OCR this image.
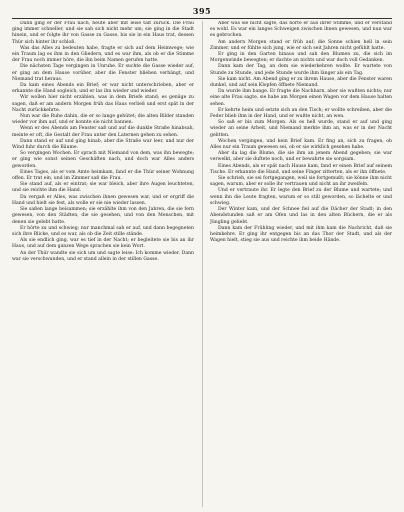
395

Dann ging er der Frau nach, heute aber mit leise talt zurück. Die Frau ging immer schneller, und sie sah sich nicht mehr um; sie ging in die Stadt hinein, und er folgte ihr von Gasse zu Gasse, bis sie in ein Haus trat, dessen Thür sich hinter ihr schloß.

Was das Alles zu bedeuten habe, fragte er sich auf dem Heimwege; wie ein Traum lag es ihm in den Gliedern, und es war ihm, als ob er die Stimme der Frau noch immer höre, die ihn beim Namen gerufen hatte.

Die nächsten Tage vergingen in Unruhe. Er suchte die Gasse wieder auf, er ging an dem Hause vorüber, aber die Fenster blieben verhängt, und Niemand trat heraus.

Da kam eines Abends ein Brief; er war nicht unterschrieben, aber er erkannte die Hand sogleich, und er las ihn wieder und wieder.

Wir wollen hier nicht erzählen, was in dem Briefe stand; es genüge zu sagen, daß er am andern Morgen früh das Haus verließ und erst spät in der Nacht zurückkehrte.

Nun war die Ruhe dahin, die er so lange gehütet; die alten Bilder standen wieder vor ihm auf, und er konnte sie nicht bannen.

Wenn er des Abends am Fenster saß und auf die dunkle Straße hinabsah, meinte er oft, die Gestalt der Frau unter den Laternen gehen zu sehen.

Dann stand er auf und ging hinab, aber die Straße war leer, und nur der Wind fuhr durch die Bäume.

So vergingen Wochen. Er sprach mit Niemand von dem, was ihn bewegte; er ging wie sonst seinen Geschäften nach, und doch war Alles anders geworden.

Eines Tages, als er vom Amte heimkam, fand er die Thür seiner Wohnung offen. Er trat ein, und im Zimmer saß die Frau.

Sie stand auf, als er eintrat; sie war bleich, aber ihre Augen leuchteten, und sie reichte ihm die Hand.

Da vergaß er Alles, was zwischen ihnen gewesen war, und er ergriff die Hand und hielt sie fest, als wolle er sie nie wieder lassen.

Sie saßen lange beisammen; sie erzählte ihm von den Jahren, die sie fern gewesen, von den Städten, die sie gesehen, und von den Menschen, mit denen sie gelebt hatte.

Er hörte zu und schwieg; nur manchmal sah er auf, und dann begegneten sich ihre Blicke, und es war, als ob die Zeit stille stände.

Als sie endlich ging, war es tief in der Nacht; er begleitete sie bis an ihr Haus, und auf dem ganzen Wege sprachen sie kein Wort.

An der Thür wandte sie sich um und sagte leise: Ich komme wieder. Dann war sie verschwunden, und er stand allein in der stillen Gasse.

Aber was sie nicht sagte, das hörte er aus ihrer Stimme, und er verstand es wohl. Es war ein langes Schweigen zwischen ihnen gewesen, und nun war es gebrochen.

Am andern Morgen stand er früh auf; die Sonne schien hell in sein Zimmer, und er fühlte sich jung, wie er sich seit Jahren nicht gefühlt hatte.

Er ging in den Garten hinaus und sah den Blumen zu, die sich im Morgenwinde bewegten; er dachte an nichts und war doch voll Gedanken.

Dann kam der Tag, an dem sie wiederkehren wollte. Er wartete von Stunde zu Stunde, und jede Stunde wurde ihm länger als ein Tag.

Sie kam nicht. Am Abend ging er zu ihrem Hause, aber die Fenster waren dunkel, und auf sein Klopfen öffnete Niemand.

Da wurde ihm bange. Er fragte die Nachbarn, aber sie wußten nichts; nur eine alte Frau sagte, sie habe am Morgen einen Wagen vor dem Hause halten sehen.

Er kehrte heim und setzte sich an den Tisch; er wollte schreiben, aber die Feder blieb ihm in der Hand, und er wußte nicht, an wen.

So saß er bis zum Morgen. Als es hell wurde, stand er auf und ging wieder an seine Arbeit, und Niemand merkte ihm an, was er in der Nacht gelitten.

Wochen vergingen, und kein Brief kam. Er fing an, sich zu fragen, ob Alles nur ein Traum gewesen sei, ob er sie wirklich gesehen habe.

Aber da lag die Blume, die sie ihm an jenem Abend gegeben; sie war verwelkt, aber sie duftete noch, und er bewahrte sie sorgsam.

Eines Abends, als er spät nach Hause kam, fand er einen Brief auf seinem Tische. Er erkannte die Hand, und seine Finger zitterten, als er ihn öffnete.

Sie schrieb, sie sei fortgegangen, weil sie fortgemußt; sie könne ihm nicht sagen, warum, aber er solle ihr vertrauen und nicht an ihr zweifeln.

Und er vertraute ihr. Er legte den Brief zu der Blume und wartete; und wenn ihn die Leute fragten, warum er so still geworden, so lächelte er und schwieg.

Der Winter kam, und der Schnee fiel auf die Dächer der Stadt; in den Abendstunden saß er am Ofen und las in den alten Büchern, die er als Jüngling geliebt.

Dann kam der Frühling wieder, und mit ihm kam die Nachricht, daß sie heimkehre. Er ging ihr entgegen bis an das Thor der Stadt, und als der Wagen hielt, stieg sie aus und reichte ihm beide Hände.
